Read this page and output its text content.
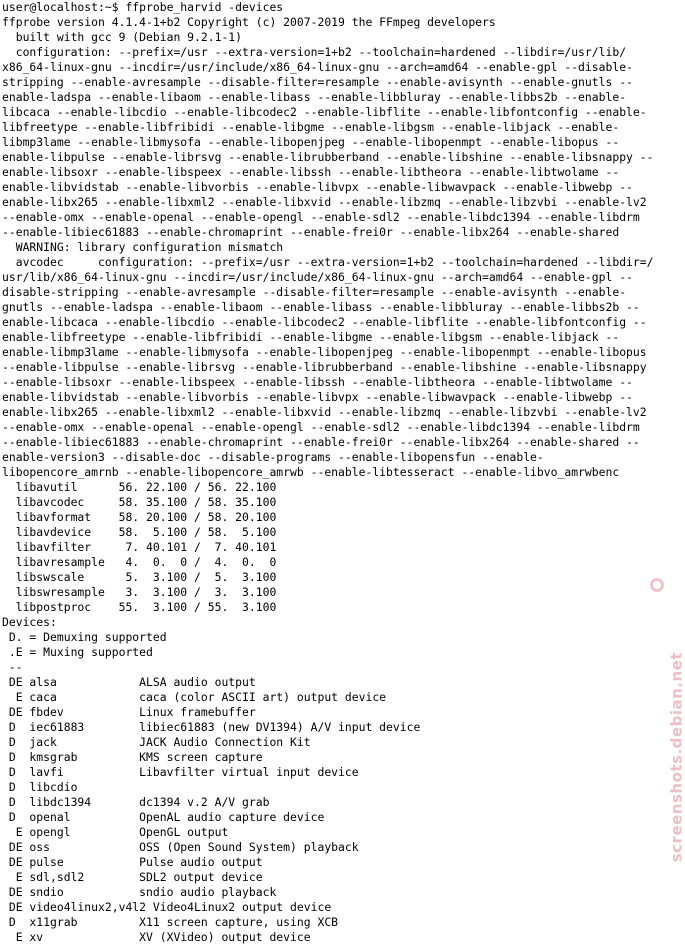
user@localhost:~$ ffprobe_harvid -devices
ffprobe version 4.1.4-1+b2 Copyright (c) 2007-2019 the FFmpeg developers
built with gcc 9 (Debian 9.2.1-1)
configuration: --prefix=/usr --extra-version=1+b2 --toolchain=hardened --libdir=/usr/lib/
x86_64-linux-gnu --incdir=/usr/include/x86_64-linux-gnu --arch=amd64 --enable-gpl --disable-
stripping --enable-avresample --disable-filter=resample --enable-avisynth --enable-gnutls --
enable-ladspa --enable-libaom --enable-libass --enable-libbluray --enable-libbs2b --enable-
libcaca --enable-libcdio --enable-libcodec2 --enable-libflite --enable-libfontconfig --enable-
libfreetype --enable-libfribidi --enable-libgme --enable-libgsm --enable-libjack --enable-
libmp3lame --enable-libmysofa --enable-libopenjpeg --enable-libopenmpt --enable-libopus --
enable-libpulse --enable-librsvg --enable-librubberband --enable-libshine --enable-libsnappy --
enable-libsoxr --enable-libspeex --enable-libssh --enable-libtheora --enable-libtwolame --
enable-libvidstab --enable-libvorbis --enable-libvpx --enable-libwavpack --enable-libwebp --
enable-libx265 --enable-libxml2 --enable-libxvid --enable-libzmq --enable-libzvbi --enable-lv2
--enable-omx --enable-openal --enable-opengl --enable-sdl2 --enable-libdc1394 --enable-libdrm
--enable-libiec61883 --enable-chromaprint --enable-frei0r --enable-libx264 --enable-shared
WARNING: library configuration mismatch
avcodec     configuration: --prefix=/usr --extra-version=1+b2 --toolchain=hardened --libdir=/
usr/lib/x86_64-linux-gnu --incdir=/usr/include/x86_64-linux-gnu --arch=amd64 --enable-gpl --
disable-stripping --enable-avresample --disable-filter=resample --enable-avisynth --enable-
gnutls --enable-ladspa --enable-libaom --enable-libass --enable-libbluray --enable-libbs2b --
enable-libcaca --enable-libcdio --enable-libcodec2 --enable-libflite --enable-libfontconfig --
enable-libfreetype --enable-libfribidi --enable-libgme --enable-libgsm --enable-libjack --
enable-libmp3lame --enable-libmysofa --enable-libopenjpeg --enable-libopenmpt --enable-libopus
--enable-libpulse --enable-librsvg --enable-librubberband --enable-libshine --enable-libsnappy
--enable-libsoxr --enable-libspeex --enable-libssh --enable-libtheora --enable-libtwolame --
enable-libvidstab --enable-libvorbis --enable-libvpx --enable-libwavpack --enable-libwebp --
enable-libx265 --enable-libxml2 --enable-libxvid --enable-libzmq --enable-libzvbi --enable-lv2
--enable-omx --enable-openal --enable-opengl --enable-sdl2 --enable-libdc1394 --enable-libdrm
--enable-libiec61883 --enable-chromaprint --enable-frei0r --enable-libx264 --enable-shared --
enable-version3 --disable-doc --disable-programs --enable-libopensfun --enable-
libopencore_amrnb --enable-libopencore_amrwb --enable-libtesseract --enable-libvo_amrwbenc
libavutil      56. 22.100 / 56. 22.100
libavcodec     58. 35.100 / 58. 35.100
libavformat    58. 20.100 / 58. 20.100
libavdevice    58.  5.100 / 58.  5.100
libavfilter     7. 40.101 /  7. 40.101
libavresample   4.  0.  0 /  4.  0.  0
libswscale      5.  3.100 /  5.  3.100
libswresample   3.  3.100 /  3.  3.100
libpostproc    55.  3.100 / 55.  3.100
Devices:
D. = Demuxing supported
.E = Muxing supported
--
DE alsa            ALSA audio output
E caca            caca (color ASCII art) output device
DE fbdev           Linux framebuffer
D  iec61883        libiec61883 (new DV1394) A/V input device
D  jack            JACK Audio Connection Kit
D  kmsgrab         KMS screen capture
D  lavfi           Libavfilter virtual input device
D  libcdio
D  libdc1394       dc1394 v.2 A/V grab
D  openal          OpenAL audio capture device
E opengl          OpenGL output
DE oss             OSS (Open Sound System) playback
DE pulse           Pulse audio output
E sdl,sdl2        SDL2 output device
DE sndio           sndio audio playback
DE video4linux2,v4l2 Video4Linux2 output device
D  x11grab         X11 screen capture, using XCB
E xv              XV (XVideo) output device
screenshots.debian.net
